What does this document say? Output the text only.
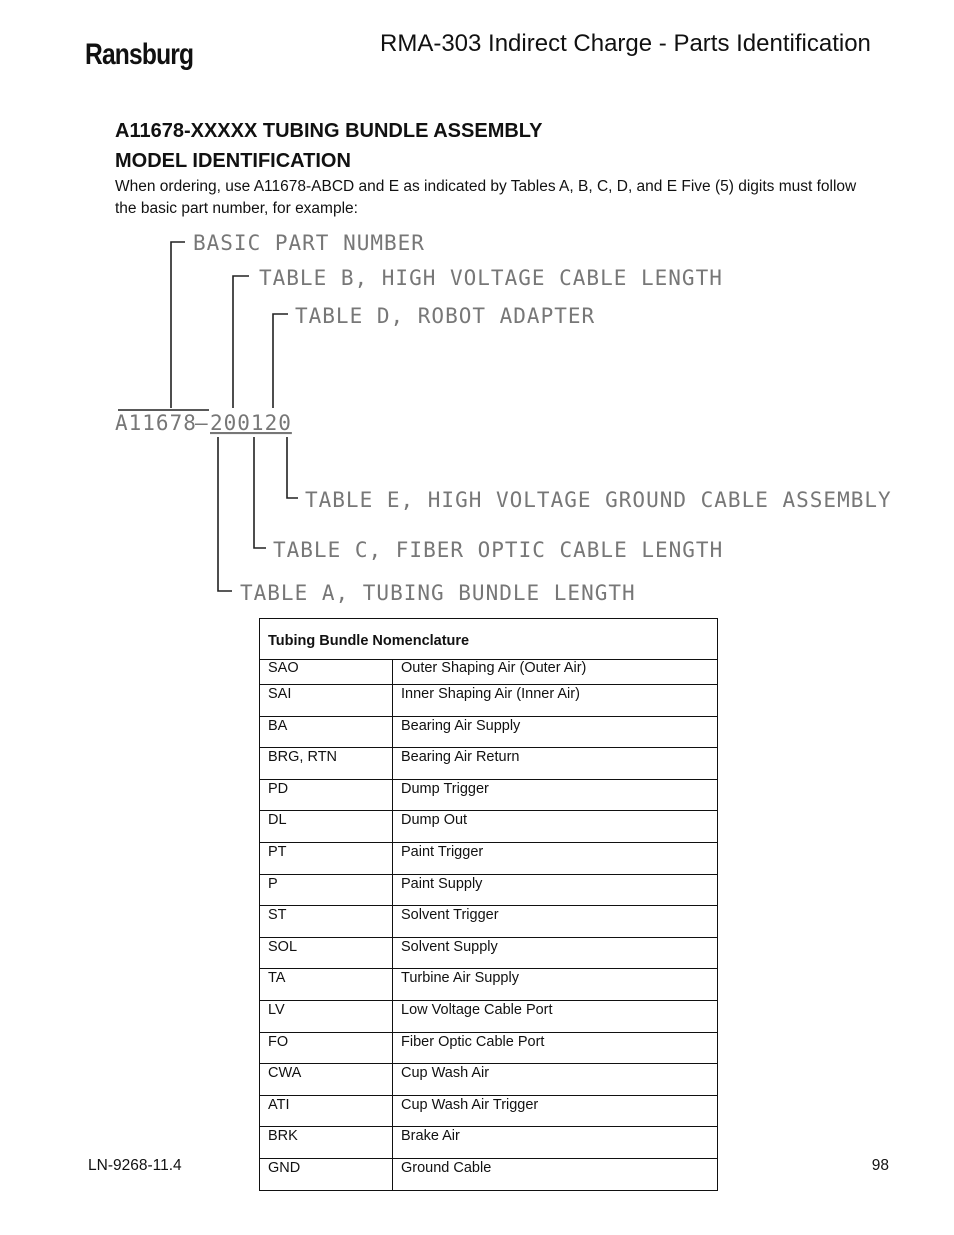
Ransburg	RMA-303 Indirect Charge - Parts Identification
A11678-XXXXX TUBING BUNDLE ASSEMBLY
MODEL IDENTIFICATION
When ordering, use A11678-ABCD and E as indicated by Tables A, B, C, D, and E Five (5) digits must follow the basic part number, for example:
BASIC PART NUMBER
TABLE B, HIGH VOLTAGE CABLE LENGTH
TABLE D, ROBOT ADAPTER
A11678
– 200120
TABLE E, HIGH VOLTAGE GROUND CABLE ASSEMBLY
TABLE C, FIBER OPTIC CABLE LENGTH
TABLE A, TUBING BUNDLE LENGTH
Tubing Bundle Nomenclature	
SAO	Outer Shaping Air (Outer Air)
SAI	Inner Shaping Air (Inner Air)
BA	Bearing Air Supply
BRG, RTN	Bearing Air Return
PD	Dump Trigger
DL	Dump Out
PT	Paint Trigger
P	Paint Supply
ST	Solvent Trigger
SOL	Solvent Supply
TA	Turbine Air Supply
LV	Low Voltage Cable Port
FO	Fiber Optic Cable Port
CWA	Cup Wash Air
ATI	Cup Wash Air Trigger
BRK	Brake Air
GND	Ground Cable
LN-9268-11.4	98
